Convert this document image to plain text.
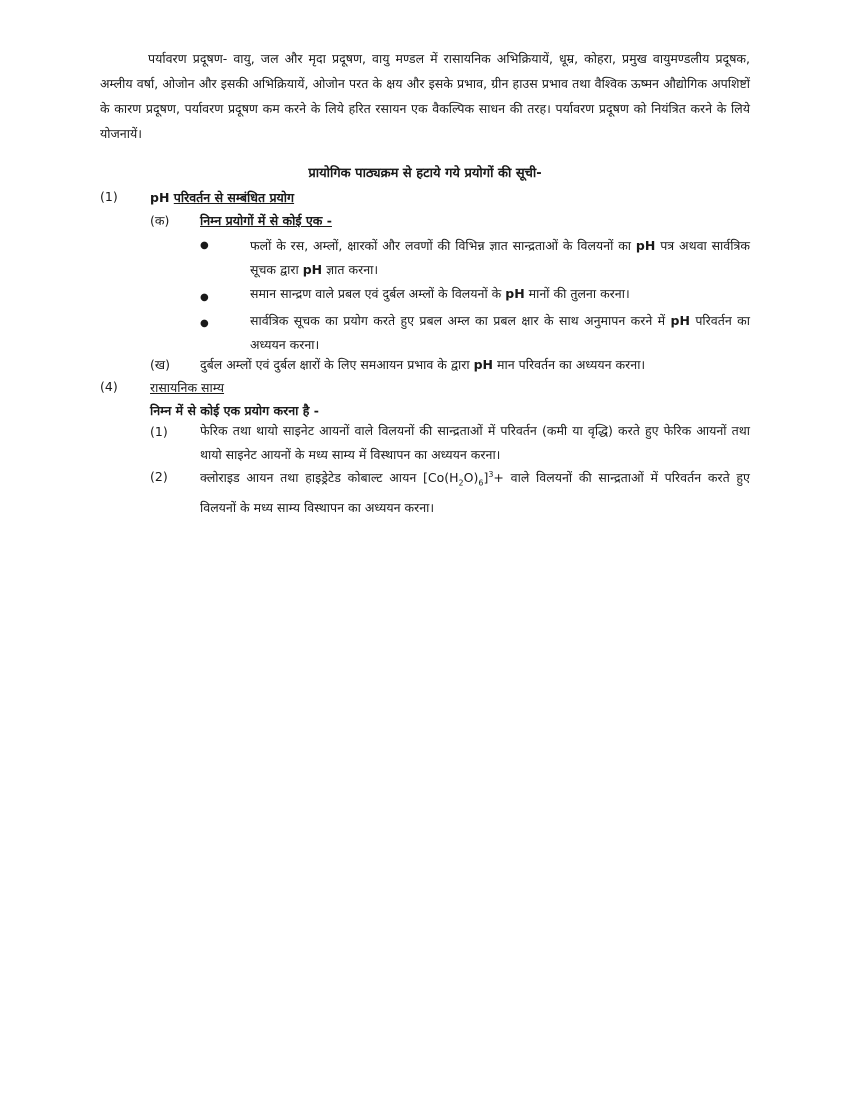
पर्यावरण प्रदूषण- वायु, जल और मृदा प्रदूषण, वायु मण्डल में रासायनिक अभिक्रियायें, धूम्र, कोहरा, प्रमुख वायुमण्डलीय प्रदूषक, अम्लीय वर्षा, ओजोन और इसकी अभिक्रियायें, ओजोन परत के क्षय और इसके प्रभाव, ग्रीन हाउस प्रभाव तथा वैश्विक ऊष्मन औद्योगिक अपशिष्टों के कारण प्रदूषण, पर्यावरण प्रदूषण कम करने के लिये हरित रसायन एक वैकल्पिक साधन की तरह। पर्यावरण प्रदूषण को नियंत्रित करने के लिये योजनायें।

प्रायोगिक पाठ्यक्रम से हटाये गये प्रयोगों की सूची-
(1)	pH परिवर्तन से सम्बंधित प्रयोग
(क) निम्न प्रयोगों में से कोई एक -
●	फलों के रस, अम्लों, क्षारकों और लवणों की विभिन्न ज्ञात सान्द्रताओं के विलयनों का pH पत्र अथवा सार्वत्रिक सूचक द्वारा pH ज्ञात करना।
●	समान सान्द्रण वाले प्रबल एवं दुर्बल अम्लों के विलयनों के pH मानों की तुलना करना।
●	सार्वत्रिक सूचक का प्रयोग करते हुए प्रबल अम्ल का प्रबल क्षार के साथ अनुमापन करने में pH परिवर्तन का अध्ययन करना।
(ख) दुर्बल अम्लों एवं दुर्बल क्षारों के लिए समआयन प्रभाव के द्वारा pH मान परिवर्तन का अध्ययन करना।
(4)	रासायनिक साम्य
निम्न में से कोई एक प्रयोग करना है -
(1)	फेरिक तथा थायो साइनेट आयनों वाले विलयनों की सान्द्रताओं में परिवर्तन (कमी या वृद्धि) करते हुए फेरिक आयनों तथा थायो साइनेट आयनों के मध्य साम्य में विस्थापन का अध्ययन करना।
(2)	क्लोराइड आयन तथा हाइड्रेटेड कोबाल्ट आयन $[Co(H_2O)_6]^3+$ वाले विलयनों की सान्द्रताओं में परिवर्तन करते हुए विलयनों के मध्य साम्य विस्थापन का अध्ययन करना।
